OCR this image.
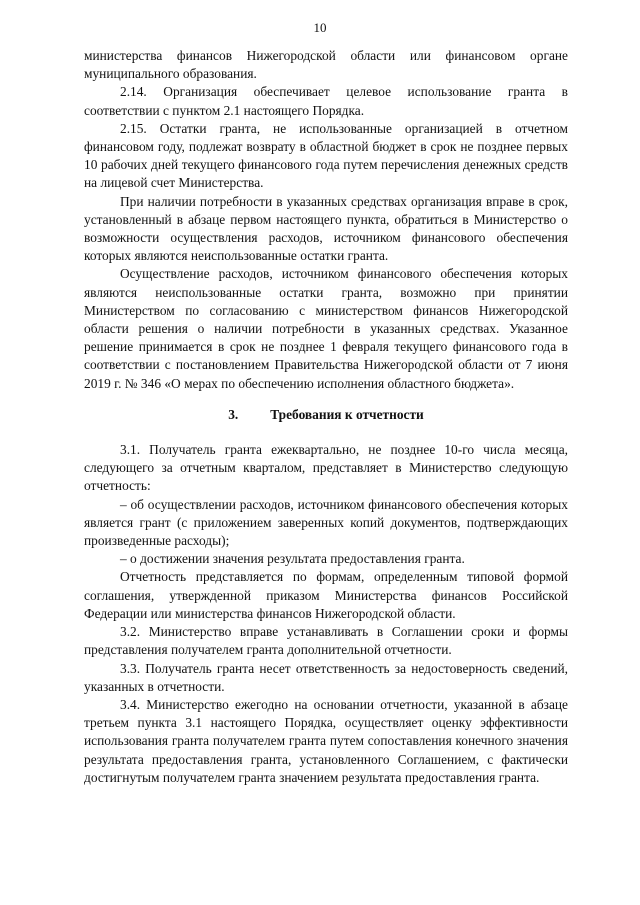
10

министерства финансов Нижегородской области или финансовом органе муниципального образования.

2.14. Организация обеспечивает целевое использование гранта в соответствии с пунктом 2.1 настоящего Порядка.

2.15. Остатки гранта, не использованные организацией в отчетном финансовом году, подлежат возврату в областной бюджет в срок не позднее первых 10 рабочих дней текущего финансового года путем перечисления денежных средств на лицевой счет Министерства.

При наличии потребности в указанных средствах организация вправе в срок, установленный в абзаце первом настоящего пункта, обратиться в Министерство о возможности осуществления расходов, источником финансового обеспечения которых являются неиспользованные остатки гранта.

Осуществление расходов, источником финансового обеспечения которых являются неиспользованные остатки гранта, возможно при принятии Министерством по согласованию с министерством финансов Нижегородской области решения о наличии потребности в указанных средствах. Указанное решение принимается в срок не позднее 1 февраля текущего финансового года в соответствии с постановлением Правительства Нижегородской области от 7 июня 2019 г. № 346 «О мерах по обеспечению исполнения областного бюджета».

3. Требования к отчетности

3.1. Получатель гранта ежеквартально, не позднее 10-го числа месяца, следующего за отчетным кварталом, представляет в Министерство следующую отчетность:

– об осуществлении расходов, источником финансового обеспечения которых является грант (с приложением заверенных копий документов, подтверждающих произведенные расходы);

– о достижении значения результата предоставления гранта.

Отчетность представляется по формам, определенным типовой формой соглашения, утвержденной приказом Министерства финансов Российской Федерации или министерства финансов Нижегородской области.

3.2. Министерство вправе устанавливать в Соглашении сроки и формы представления получателем гранта дополнительной отчетности.

3.3. Получатель гранта несет ответственность за недостоверность сведений, указанных в отчетности.

3.4. Министерство ежегодно на основании отчетности, указанной в абзаце третьем пункта 3.1 настоящего Порядка, осуществляет оценку эффективности использования гранта получателем гранта путем сопоставления конечного значения результата предоставления гранта, установленного Соглашением, с фактически достигнутым получателем гранта значением результата предоставления гранта.
